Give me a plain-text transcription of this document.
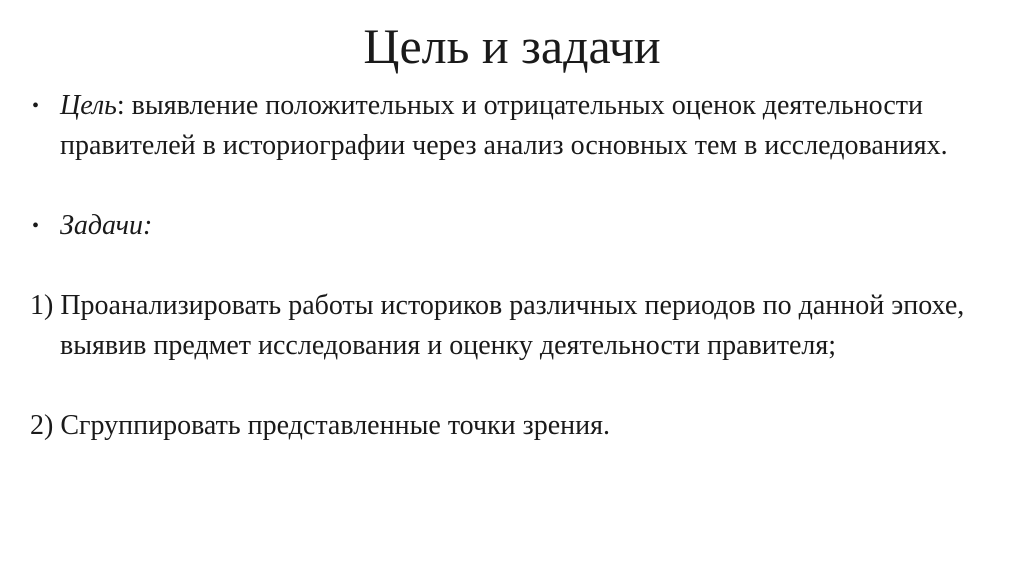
Цель и задачи

• Цель: выявление положительных и отрицательных оценок деятельности правителей в историографии через анализ основных тем в исследованиях.

• Задачи:

1) Проанализировать работы историков различных периодов по данной эпохе, выявив предмет исследования и оценку деятельности правителя;

2) Сгруппировать представленные точки зрения.
